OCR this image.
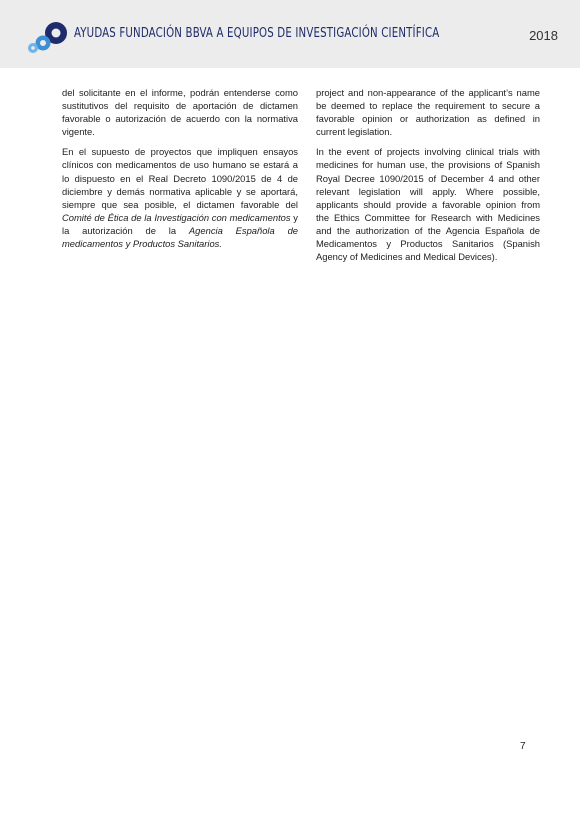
AYUDAS FUNDACIÓN BBVA A EQUIPOS DE INVESTIGACIÓN CIENTÍFICA	2018

del solicitante en el informe, podrán entenderse como sustitutivos del requisito de aportación de dictamen favorable o autorización de acuerdo con la normativa vigente.

En el supuesto de proyectos que impliquen ensayos clínicos con medicamentos de uso humano se estará a lo dispuesto en el Real Decreto 1090/2015 de 4 de diciembre y demás normativa aplicable y se aportará, siempre que sea posible, el dictamen favorable del Comité de Ética de la Investigación con medicamentos y la autorización de la Agencia Española de medicamentos y Productos Sanitarios.

project and non-appearance of the applicant’s name be deemed to replace the requirement to secure a favorable opinion or authorization as defined in current legislation.

In the event of projects involving clinical trials with medicines for human use, the provisions of Spanish Royal Decree 1090/2015 of December 4 and other relevant legislation will apply. Where possible, applicants should provide a favorable opinion from the Ethics Committee for Research with Medicines and the authorization of the Agencia Española de Medicamentos y Productos Sanitarios (Spanish Agency of Medicines and Medical Devices).

7
